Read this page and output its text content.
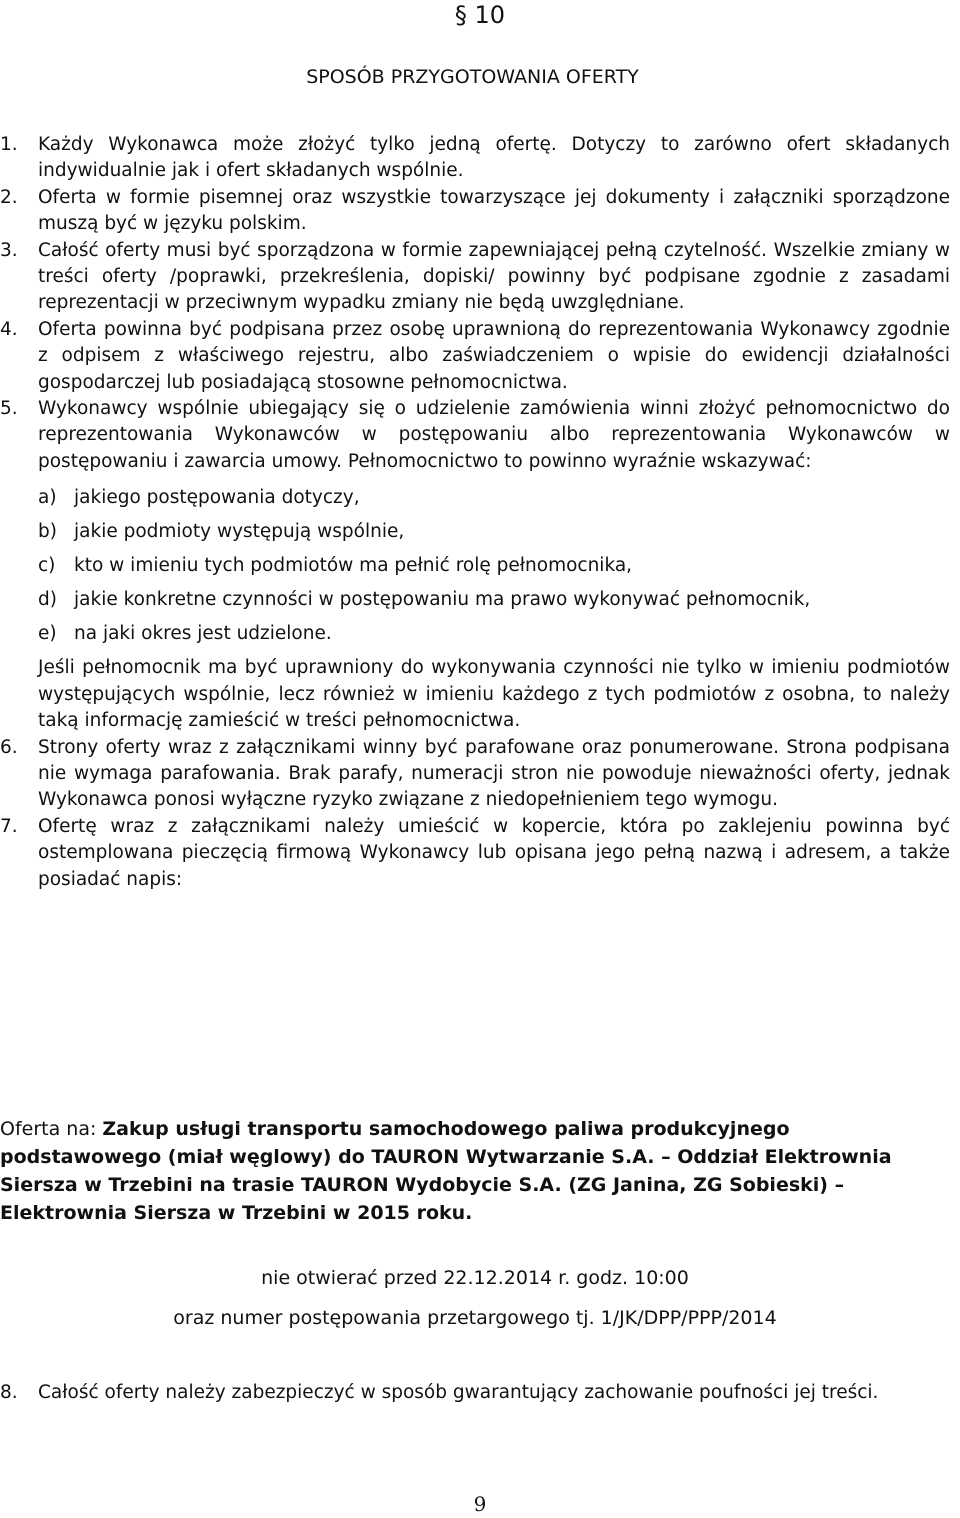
§ 10
SPOSÓB PRZYGOTOWANIA OFERTY
1.	Każdy Wykonawca może złożyć tylko jedną ofertę. Dotyczy to zarówno ofert składanych indywidualnie jak i ofert składanych wspólnie.

2.	Oferta w formie pisemnej oraz wszystkie towarzyszące jej dokumenty i załączniki sporządzone muszą być w języku polskim.

3.	Całość oferty musi być sporządzona w formie zapewniającej pełną czytelność. Wszelkie zmiany w treści oferty /poprawki, przekreślenia, dopiski/ powinny być podpisane zgodnie z zasadami reprezentacji w przeciwnym wypadku zmiany nie będą uwzględniane.

4.	Oferta powinna być podpisana przez osobę uprawnioną do reprezentowania Wykonawcy zgodnie z odpisem z właściwego rejestru, albo zaświadczeniem o wpisie do ewidencji działalności gospodarczej lub posiadającą stosowne pełnomocnictwa.

5.	Wykonawcy wspólnie ubiegający się o udzielenie zamówienia winni złożyć pełnomocnictwo do reprezentowania Wykonawców w postępowaniu albo reprezentowania Wykonawców w postępowaniu i zawarcia umowy. Pełnomocnictwo to powinno wyraźnie wskazywać:

a) jakiego postępowania dotyczy,
b) jakie podmioty występują wspólnie,
c) kto w imieniu tych podmiotów ma pełnić rolę pełnomocnika,
d) jakie konkretne czynności w postępowaniu ma prawo wykonywać pełnomocnik,
e) na jaki okres jest udzielone.

Jeśli pełnomocnik ma być uprawniony do wykonywania czynności nie tylko w imieniu podmiotów występujących wspólnie, lecz również w imieniu każdego z tych podmiotów z osobna, to należy taką informację zamieścić w treści pełnomocnictwa.

6.	Strony oferty wraz z załącznikami winny być parafowane oraz ponumerowane. Strona podpisana nie wymaga parafowania. Brak parafy, numeracji stron nie powoduje nieważności oferty, jednak Wykonawca ponosi wyłączne ryzyko związane z niedopełnieniem tego wymogu.

7.	Ofertę wraz z załącznikami należy umieścić w kopercie, która po zaklejeniu powinna być ostemplowana pieczęcią firmową Wykonawcy lub opisana jego pełną nazwą i adresem, a także posiadać napis:

Oferta na: Zakup usługi transportu samochodowego paliwa produkcyjnego podstawowego (miał węglowy) do TAURON Wytwarzanie S.A. – Oddział Elektrownia Siersza w Trzebini na trasie TAURON Wydobycie S.A. (ZG Janina, ZG Sobieski) – Elektrownia Siersza w Trzebini w 2015 roku.
nie otwierać przed 22.12.2014 r. godz. 10:00
oraz numer postępowania przetargowego tj. 1/JK/DPP/PPP/2014
8.	Całość oferty należy zabezpieczyć w sposób gwarantujący zachowanie poufności jej treści.

9
